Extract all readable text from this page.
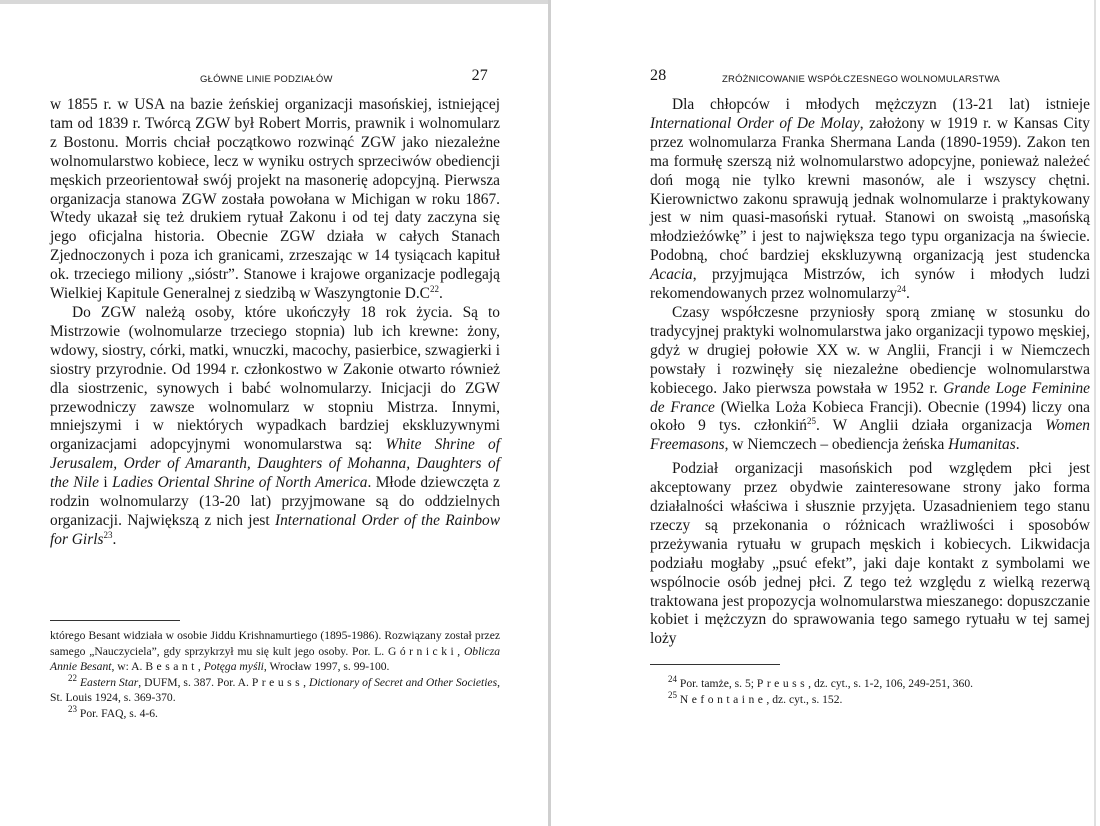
GŁÓWNE LINIE PODZIAŁÓW	27

w 1855 r. w USA na bazie żeńskiej organizacji masońskiej, istniejącej tam od 1839 r. Twórcą ZGW był Robert Morris, prawnik i wolnomularz z Bostonu. Morris chciał początkowo rozwinąć ZGW jako niezależne wolnomularstwo kobiece, lecz w wyniku ostrych sprzeciwów obediencji męskich przeorientował swój projekt na masonerię adopcyjną. Pierwsza organizacja stanowa ZGW została powołana w Michigan w roku 1867. Wtedy ukazał się też drukiem rytuał Zakonu i od tej daty zaczyna się jego oficjalna historia. Obecnie ZGW działa w całych Stanach Zjednoczonych i poza ich granicami, zrzeszając w 14 tysiącach kapituł ok. trzeciego miliony „sióstr”. Stanowe i krajowe organizacje podlegają Wielkiej Kapitule Generalnej z siedzibą w Waszyngtonie $D.C^{22}$.

Do ZGW należą osoby, które ukończyły 18 rok życia. Są to Mistrzowie (wolnomularze trzeciego stopnia) lub ich krewne: żony, wdowy, siostry, córki, matki, wnuczki, macochy, pasierbice, szwagierki i siostry przyrodnie. Od 1994 r. członkostwo w Zakonie otwarto również dla siostrzenic, synowych i babć wolnomularzy. Inicjacji do ZGW przewodniczy zawsze wolnomularz w stopniu Mistrza. Innymi, mniejszymi i w niektórych wypadkach bardziej ekskluzywnymi organizacjami adopcyjnymi wonomularstwa są: White Shrine of Jerusalem, Order of Amaranth, Daughters of Mohanna, Daughters of the Nile i Ladies Oriental Shrine of North America. Młode dziewczęta z rodzin wolnomularzy (13-20 lat) przyjmowane są do oddzielnych organizacji. Największą z nich jest International Order of the Rainbow for Girls$^{23}$.

którego Besant widziała w osobie Jiddu Krishnamurtiego (1895-1986). Rozwiązany został przez samego „Nauczyciela”, gdy sprzykrzył mu się kult jego osoby. Por. L. Górnicki, Oblicza Annie Besant, w: A. Besant, Potęga myśli, Wrocław 1997, s. 99-100.

$^{22}$ Eastern Star, DUFM, s. 387. Por. A. Preuss, Dictionary of Secret and Other Societies, St. Louis 1924, s. 369-370.

$^{23}$ Por. FAQ, s. 4-6.

28	ZRÓŻNICOWANIE WSPÓŁCZESNEGO WOLNOMULARSTWA

Dla chłopców i młodych mężczyzn (13-21 lat) istnieje International Order of De Molay, założony w 1919 r. w Kansas City przez wolnomularza Franka Shermana Landa (1890-1959). Zakon ten ma formułę szerszą niż wolnomularstwo adopcyjne, ponieważ należeć doń mogą nie tylko krewni masonów, ale i wszyscy chętni. Kierownictwo zakonu sprawują jednak wolnomularze i praktykowany jest w nim quasi-masoński rytuał. Stanowi on swoistą „masońską młodzieżówkę” i jest to największa tego typu organizacja na świecie. Podobną, choć bardziej ekskluzywną organizacją jest studencka Acacia, przyjmująca Mistrzów, ich synów i młodych ludzi rekomendowanych przez wolnomularzy$^{24}$.

Czasy współczesne przyniosły sporą zmianę w stosunku do tradycyjnej praktyki wolnomularstwa jako organizacji typowo męskiej, gdyż w drugiej połowie XX w. w Anglii, Francji i w Niemczech powstały i rozwinęły się niezależne obediencje wolnomularstwa kobiecego. Jako pierwsza powstała w 1952 r. Grande Loge Feminine de France (Wielka Loża Kobieca Francji). Obecnie (1994) liczy ona około 9 tys. członkiń$^{25}$. W Anglii działa organizacja Women Freemasons, w Niemczech – obediencja żeńska Humanitas.

Podział organizacji masońskich pod względem płci jest akceptowany przez obydwie zainteresowane strony jako forma działalności właściwa i słusznie przyjęta. Uzasadnieniem tego stanu rzeczy są przekonania o różnicach wrażliwości i sposobów przeżywania rytuału w grupach męskich i kobiecych. Likwidacja podziału mogłaby „psuć efekt”, jaki daje kontakt z symbolami we wspólnocie osób jednej płci. Z tego też względu z wielką rezerwą traktowana jest propozycja wolnomularstwa mieszanego: dopuszczanie kobiet i mężczyzn do sprawowania tego samego rytuału w tej samej loży

$^{24}$ Por. tamże, s. 5; Preuss, dz. cyt., s. 1-2, 106, 249-251, 360.

$^{25}$ Nefontaine, dz. cyt., s. 152.
